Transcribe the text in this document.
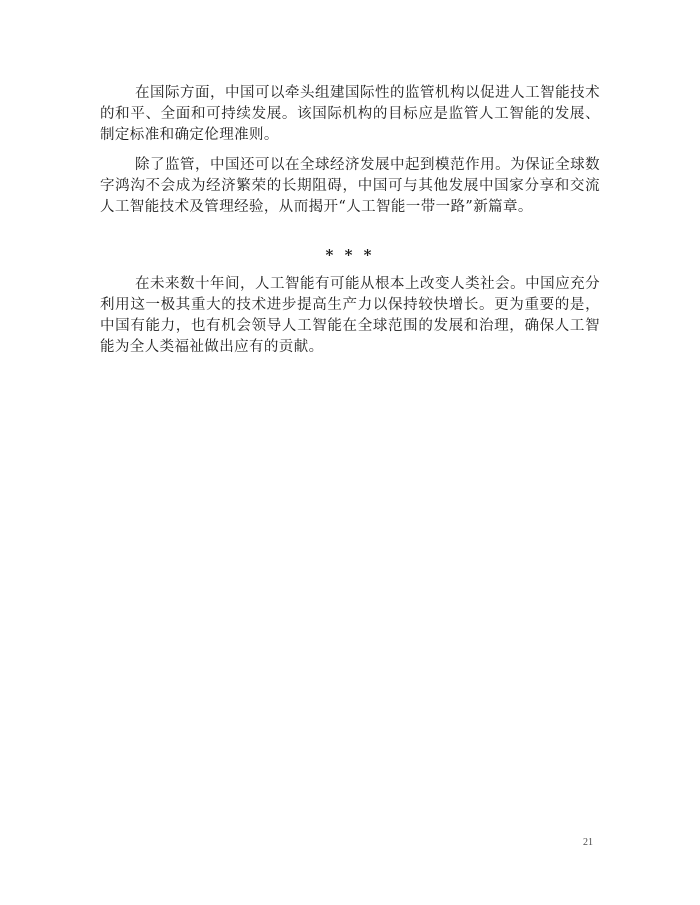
在国际方面，中国可以牵头组建国际性的监管机构以促进人工智能技术的和平、全面和可持续发展。该国际机构的目标应是监管人工智能的发展、制定标准和确定伦理准则。

除了监管，中国还可以在全球经济发展中起到模范作用。为保证全球数字鸿沟不会成为经济繁荣的长期阻碍，中国可与其他发展中国家分享和交流人工智能技术及管理经验，从而揭开“人工智能一带一路”新篇章。

* * *

在未来数十年间，人工智能有可能从根本上改变人类社会。中国应充分利用这一极其重大的技术进步提高生产力以保持较快增长。更为重要的是，中国有能力，也有机会领导人工智能在全球范围的发展和治理，确保人工智能为全人类福祉做出应有的贡献。

21
